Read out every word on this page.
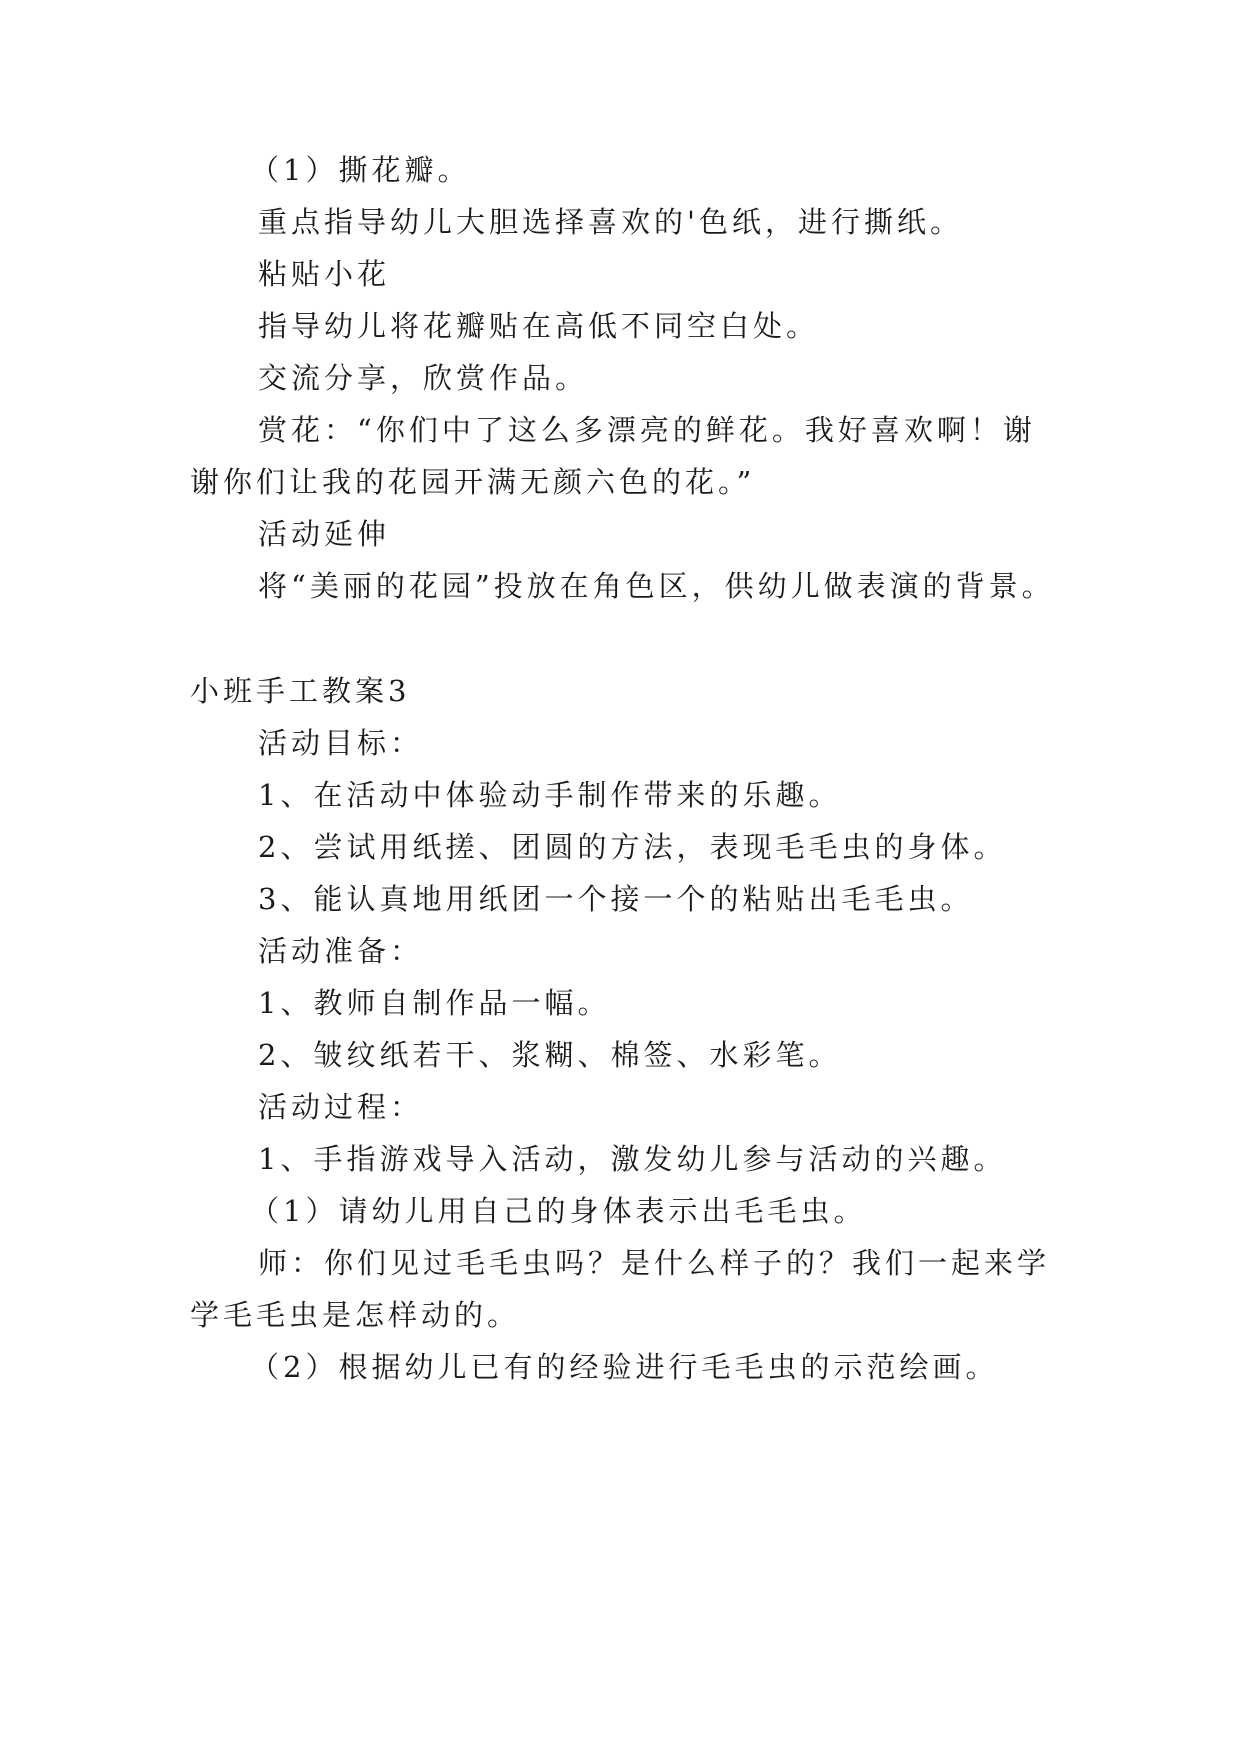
（1）撕花瓣。
重点指导幼儿大胆选择喜欢的'色纸，进行撕纸。
粘贴小花
指导幼儿将花瓣贴在高低不同空白处。
交流分享，欣赏作品。
赏花：“你们中了这么多漂亮的鲜花。我好喜欢啊！谢
谢你们让我的花园开满无颜六色的花。”
活动延伸
将“美丽的花园”投放在角色区，供幼儿做表演的背景。
小班手工教案3
活动目标：
1、在活动中体验动手制作带来的乐趣。
2、尝试用纸搓、团圆的方法，表现毛毛虫的身体。
3、能认真地用纸团一个接一个的粘贴出毛毛虫。
活动准备：
1、教师自制作品一幅。
2、皱纹纸若干、浆糊、棉签、水彩笔。
活动过程：
1、手指游戏导入活动，激发幼儿参与活动的兴趣。
（1）请幼儿用自己的身体表示出毛毛虫。
师：你们见过毛毛虫吗？是什么样子的？我们一起来学
学毛毛虫是怎样动的。
（2）根据幼儿已有的经验进行毛毛虫的示范绘画。
